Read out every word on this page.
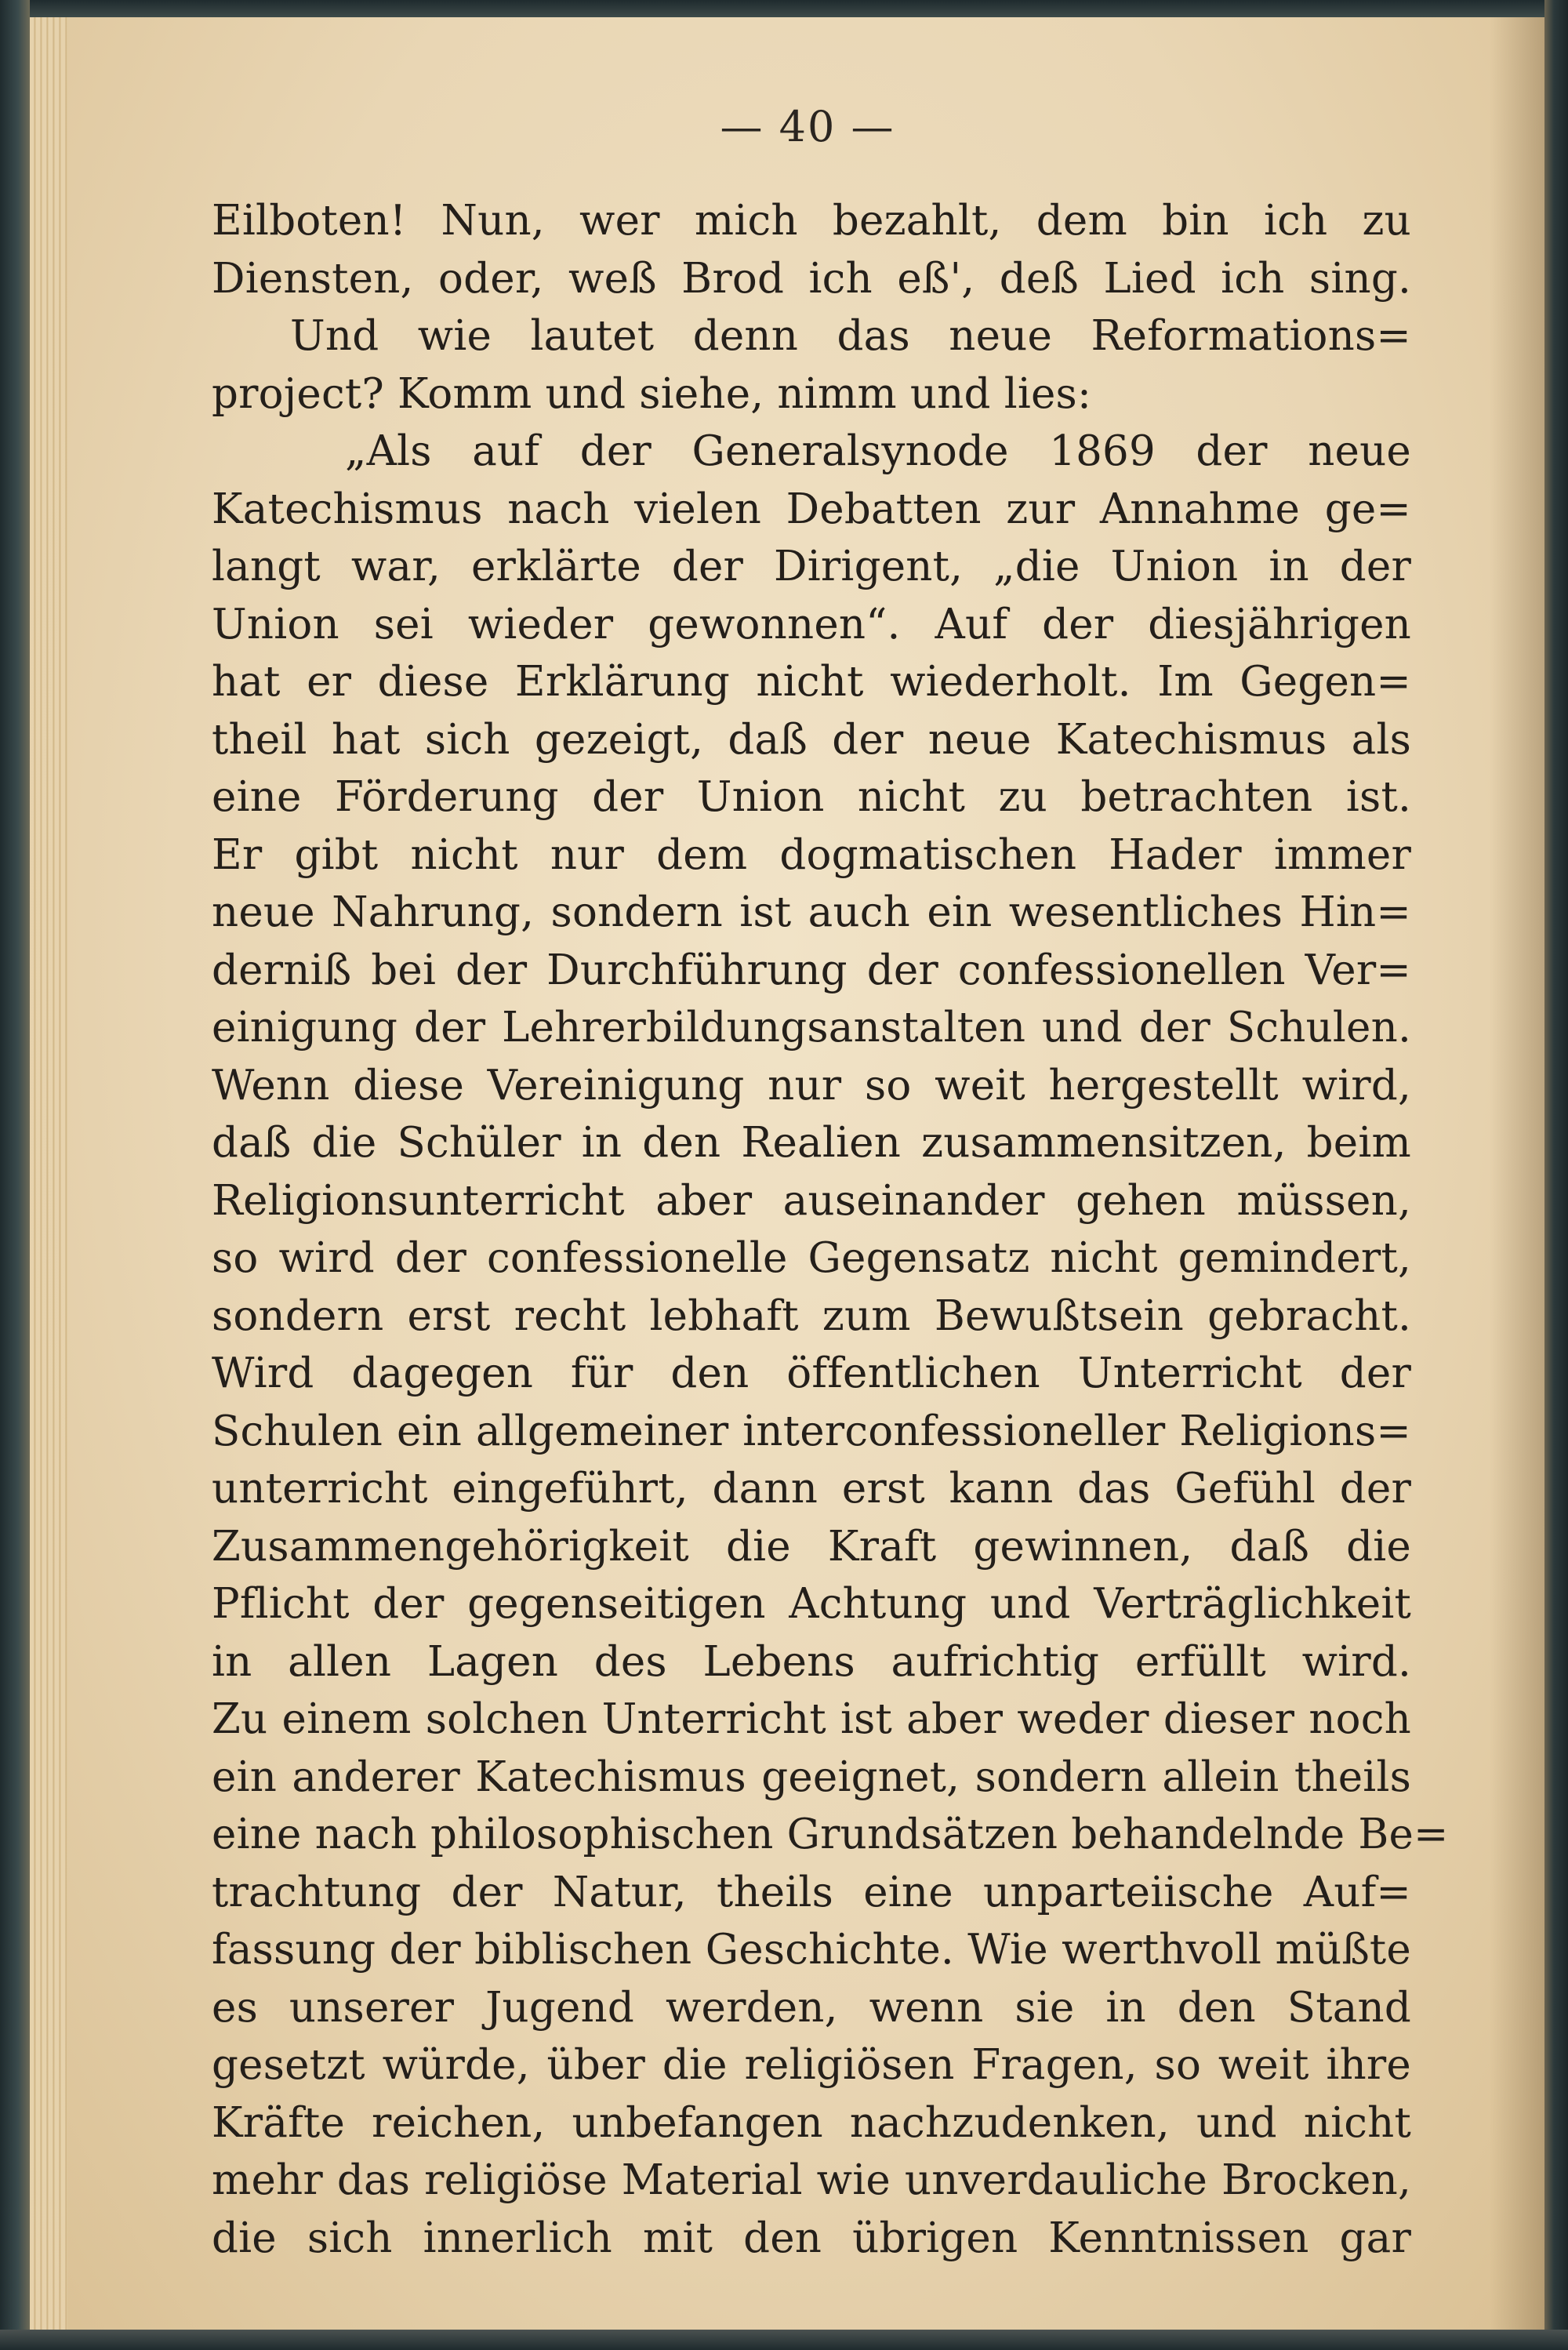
— 40 —
Eilboten! Nun, wer mich bezahlt, dem bin ich zu
Diensten, oder, weß Brod ich eß', deß Lied ich sing.
Und wie lautet denn das neue Reformations=
project? Komm und siehe, nimm und lies:
„Als auf der Generalsynode 1869 der neue
Katechismus nach vielen Debatten zur Annahme ge=
langt war, erklärte der Dirigent, „die Union in der
Union sei wieder gewonnen“. Auf der diesjährigen
hat er diese Erklärung nicht wiederholt. Im Gegen=
theil hat sich gezeigt, daß der neue Katechismus als
eine Förderung der Union nicht zu betrachten ist.
Er gibt nicht nur dem dogmatischen Hader immer
neue Nahrung, sondern ist auch ein wesentliches Hin=
derniß bei der Durchführung der confessionellen Ver=
einigung der Lehrerbildungsanstalten und der Schulen.
Wenn diese Vereinigung nur so weit hergestellt wird,
daß die Schüler in den Realien zusammensitzen, beim
Religionsunterricht aber auseinander gehen müssen,
so wird der confessionelle Gegensatz nicht gemindert,
sondern erst recht lebhaft zum Bewußtsein gebracht.
Wird dagegen für den öffentlichen Unterricht der
Schulen ein allgemeiner interconfessioneller Religions=
unterricht eingeführt, dann erst kann das Gefühl der
Zusammengehörigkeit die Kraft gewinnen, daß die
Pflicht der gegenseitigen Achtung und Verträglichkeit
in allen Lagen des Lebens aufrichtig erfüllt wird.
Zu einem solchen Unterricht ist aber weder dieser noch
ein anderer Katechismus geeignet, sondern allein theils
eine nach philosophischen Grundsätzen behandelnde Be=
trachtung der Natur, theils eine unparteiische Auf=
fassung der biblischen Geschichte. Wie werthvoll müßte
es unserer Jugend werden, wenn sie in den Stand
gesetzt würde, über die religiösen Fragen, so weit ihre
Kräfte reichen, unbefangen nachzudenken, und nicht
mehr das religiöse Material wie unverdauliche Brocken,
die sich innerlich mit den übrigen Kenntnissen gar
